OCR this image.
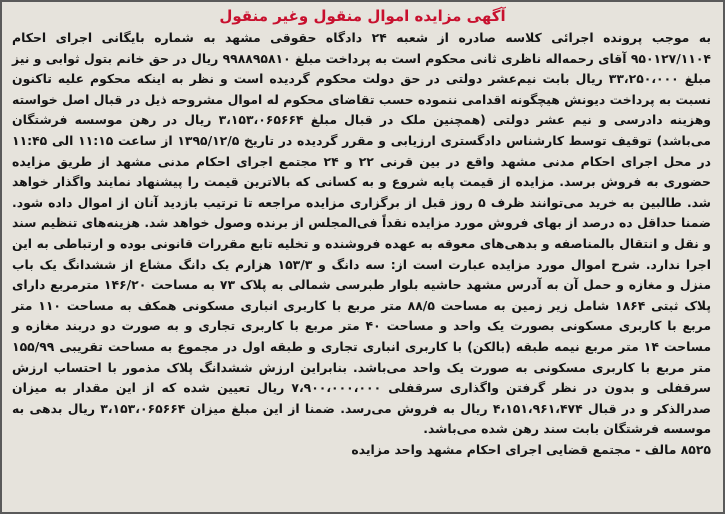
آگهی مزایده اموال منقول وغیر منقول

به موجب پرونده اجرائی کلاسه صادره از شعبه ۲۴ دادگاه حقوقی مشهد به شماره بایگانی اجرای احکام ۹۵۰۱۲۷/۱۱۰۴ آقای رحمه‌اله ناظری ثانی محکوم است به پرداخت مبلغ ۹۹۸۸۹۵۸۱۰ ریال در حق خانم بتول ثوابی و نیز مبلغ ۳۳،۲۵۰،۰۰۰ ریال بابت نیم‌عشر دولتی در حق دولت محکوم گردیده است و نظر به اینکه محکوم علیه تاکنون نسبت به پرداخت دیونش هیچگونه اقدامی ننموده حسب تقاضای محکوم له اموال مشروحه ذیل در قبال اصل خواسته وهزینه دادرسی و نیم عشر دولتی (همچنین ملک در قبال مبلغ ۳،۱۵۳،۰۶۵۶۶۴ ریال در رهن موسسه فرشتگان می‌باشد) توقیف توسط کارشناس دادگستری ارزیابی و مقرر گردیده در تاریخ ۱۳۹۵/۱۲/۵ از ساعت ۱۱:۱۵ الی ۱۱:۴۵ در محل اجرای احکام مدنی مشهد واقع در بین قرنی ۲۲ و ۲۴ مجتمع اجرای احکام مدنی مشهد از طریق مزایده حضوری به فروش برسد. مزایده از قیمت پایه شروع و به کسانی که بالاترین قیمت را پیشنهاد نمایند واگذار خواهد شد. طالبین به خرید می‌توانند ظرف ۵ روز قبل از برگزاری مزایده مراجعه تا ترتیب بازدید آنان از اموال داده شود. ضمنا حداقل ده درصد از بهای فروش مورد مزایده نقداً فی‌المجلس از برنده وصول خواهد شد. هزینه‌های تنظیم سند و نقل و انتقال بالمناصفه و بدهی‌های معوقه به عهده فروشنده و تخلیه تابع مقررات قانونی بوده و ارتباطی به این اجرا ندارد. شرح اموال مورد مزایده عبارت است از: سه دانگ و ۱۵۳/۳ هزارم یک دانگ مشاع از ششدانگ یک باب منزل و مغازه و حمل آن به آدرس مشهد حاشیه بلوار طبرسی شمالی به پلاک ۷۳ به مساحت ۱۴۶/۲۰ مترمربع دارای پلاک ثبتی ۱۸۶۴ شامل زیر زمین به مساحت ۸۸/۵ متر مربع با کاربری انباری مسکونی همکف به مساحت ۱۱۰ متر مربع با کاربری مسکونی بصورت یک واحد و مساحت ۴۰ متر مربع با کاربری تجاری و به صورت دو دربند مغازه و مساحت ۱۴ متر مربع نیمه طبقه (بالکن) با کاربری انباری تجاری و طبقه اول در مجموع به مساحت تقریبی ۱۵۵/۹۹ متر مربع با کاربری مسکونی به صورت یک واحد می‌باشد. بنابراین ارزش ششدانگ پلاک مذمور با احتساب ارزش سرقفلی و بدون در نظر گرفتن واگذاری سرقفلی ۷،۹۰۰،۰۰۰،۰۰۰ ریال تعیین شده که از این مقدار به میزان صدرالذکر و در قبال ۴،۱۵۱،۹۶۱،۴۷۴ ریال به فروش می‌رسد. ضمنا از این مبلغ میزان ۳،۱۵۳،۰۶۵۶۶۴ ریال بدهی به موسسه فرشتگان بابت سند رهن شده می‌باشد.

۸۵۲۵ مالف - مجتمع قضایی اجرای احکام مشهد واحد مزایده
